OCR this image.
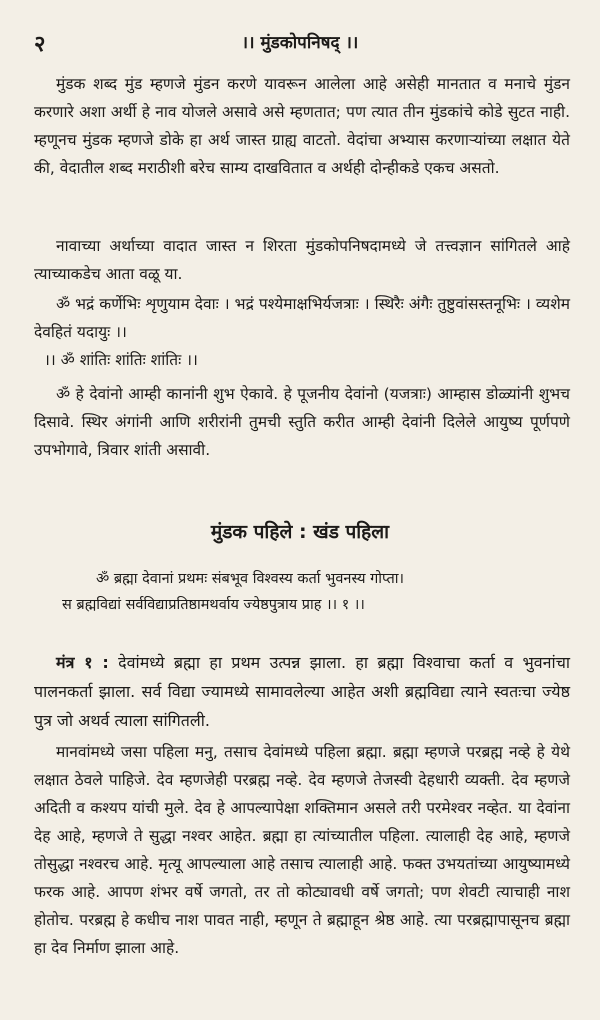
२	।। मुंडकोपनिषद् ।।

मुंडक शब्द मुंड म्हणजे मुंडन करणे यावरून आलेला आहे असेही मानतात व मनाचे मुंडन करणारे अशा अर्थी हे नाव योजले असावे असे म्हणतात; पण त्यात तीन मुंडकांचे कोडे सुटत नाही. म्हणूनच मुंडक म्हणजे डोके हा अर्थ जास्त ग्राह्य वाटतो. वेदांचा अभ्यास करणाऱ्यांच्या लक्षात येते की, वेदातील शब्द मराठीशी बरेच साम्य दाखवितात व अर्थही दोन्हीकडे एकच असतो.

नावाच्या अर्थाच्या वादात जास्त न शिरता मुंडकोपनिषदामध्ये जे तत्त्वज्ञान सांगितले आहे त्याच्याकडेच आता वळू या.

ॐ भद्रं कर्णेभिः शृणुयाम देवाः । भद्रं पश्येमाक्षभिर्यजत्राः । स्थिरैः अंगैः तुष्टुवांसस्तनूभिः । व्यशेम देवहितं यदायुः ।।

।। ॐ शांतिः शांतिः शांतिः ।।

ॐ हे देवांनो आम्ही कानांनी शुभ ऐकावे. हे पूजनीय देवांनो (यजत्राः) आम्हास डोळ्यांनी शुभच दिसावे. स्थिर अंगांनी आणि शरीरांनी तुमची स्तुति करीत आम्ही देवांनी दिलेले आयुष्य पूर्णपणे उपभोगावे, त्रिवार शांती असावी.

मुंडक पहिले : खंड पहिला

ॐ ब्रह्मा देवानां प्रथमः संबभूव विश्वस्य कर्ता भुवनस्य गोप्ता।

स ब्रह्मविद्यां सर्वविद्याप्रतिष्ठामथर्वाय ज्येष्ठपुत्राय प्राह ।। १ ।।

मंत्र १ : देवांमध्ये ब्रह्मा हा प्रथम उत्पन्न झाला. हा ब्रह्मा विश्वाचा कर्ता व भुवनांचा पालनकर्ता झाला. सर्व विद्या ज्यामध्ये सामावलेल्या आहेत अशी ब्रह्मविद्या त्याने स्वतःचा ज्येष्ठ पुत्र जो अथर्व त्याला सांगितली.

मानवांमध्ये जसा पहिला मनु, तसाच देवांमध्ये पहिला ब्रह्मा. ब्रह्मा म्हणजे परब्रह्म नव्हे हे येथे लक्षात ठेवले पाहिजे. देव म्हणजेही परब्रह्म नव्हे. देव म्हणजे तेजस्वी देहधारी व्यक्ती. देव म्हणजे अदिती व कश्यप यांची मुले. देव हे आपल्यापेक्षा शक्तिमान असले तरी परमेश्वर नव्हेत. या देवांना देह आहे, म्हणजे ते सुद्धा नश्वर आहेत. ब्रह्मा हा त्यांच्यातील पहिला. त्यालाही देह आहे, म्हणजे तोसुद्धा नश्वरच आहे. मृत्यू आपल्याला आहे तसाच त्यालाही आहे. फक्त उभयतांच्या आयुष्यामध्ये फरक आहे. आपण शंभर वर्षे जगतो, तर तो कोट्यावधी वर्षे जगतो; पण शेवटी त्याचाही नाश होतोच. परब्रह्म हे कधीच नाश पावत नाही, म्हणून ते ब्रह्माहून श्रेष्ठ आहे. त्या परब्रह्मापासूनच ब्रह्मा हा देव निर्माण झाला आहे.
